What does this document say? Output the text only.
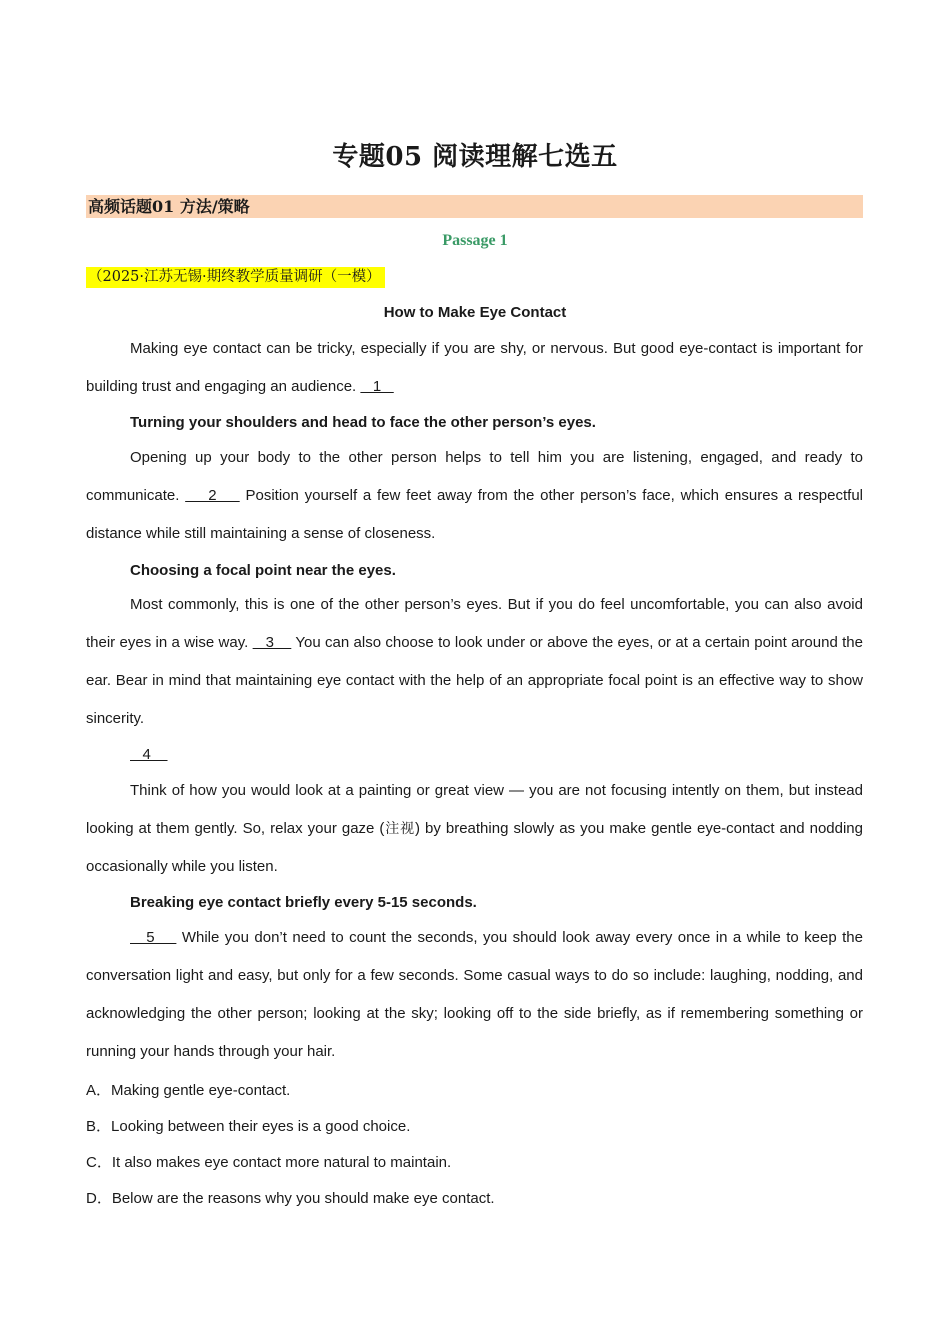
专题05 阅读理解七选五
高频话题01 方法/策略
Passage 1
（2025·江苏无锡·期终教学质量调研（一模）
How to Make Eye Contact
Making eye contact can be tricky, especially if you are shy, or nervous. But good eye-contact is important for building trust and engaging an audience.    1
Turning your shoulders and head to face the other person’s eyes.
Opening up your body to the other person helps to tell him you are listening, engaged, and ready to communicate.     2     Position yourself a few feet away from the other person’s face, which ensures a respectful distance while still maintaining a sense of closeness.
Choosing a focal point near the eyes.
Most commonly, this is one of the other person’s eyes. But if you do feel uncomfortable, you can also avoid their eyes in a wise way.    3     You can also choose to look under or above the eyes, or at a certain point around the ear. Bear in mind that maintaining eye contact with the help of an appropriate focal point is an effective way to show sincerity.
4
Think of how you would look at a painting or great view — you are not focusing intently on them, but instead looking at them gently. So, relax your gaze (注视) by breathing slowly as you make gentle eye-contact and nodding occasionally while you listen.
Breaking eye contact briefly every 5-15 seconds.
5     While you don’t need to count the seconds, you should look away every once in a while to keep the conversation light and easy, but only for a few seconds. Some casual ways to do so include: laughing, nodding, and acknowledging the other person; looking at the sky; looking off to the side briefly, as if remembering something or running your hands through your hair.
A．Making gentle eye-contact.
B．Looking between their eyes is a good choice.
C．It also makes eye contact more natural to maintain.
D．Below are the reasons why you should make eye contact.
